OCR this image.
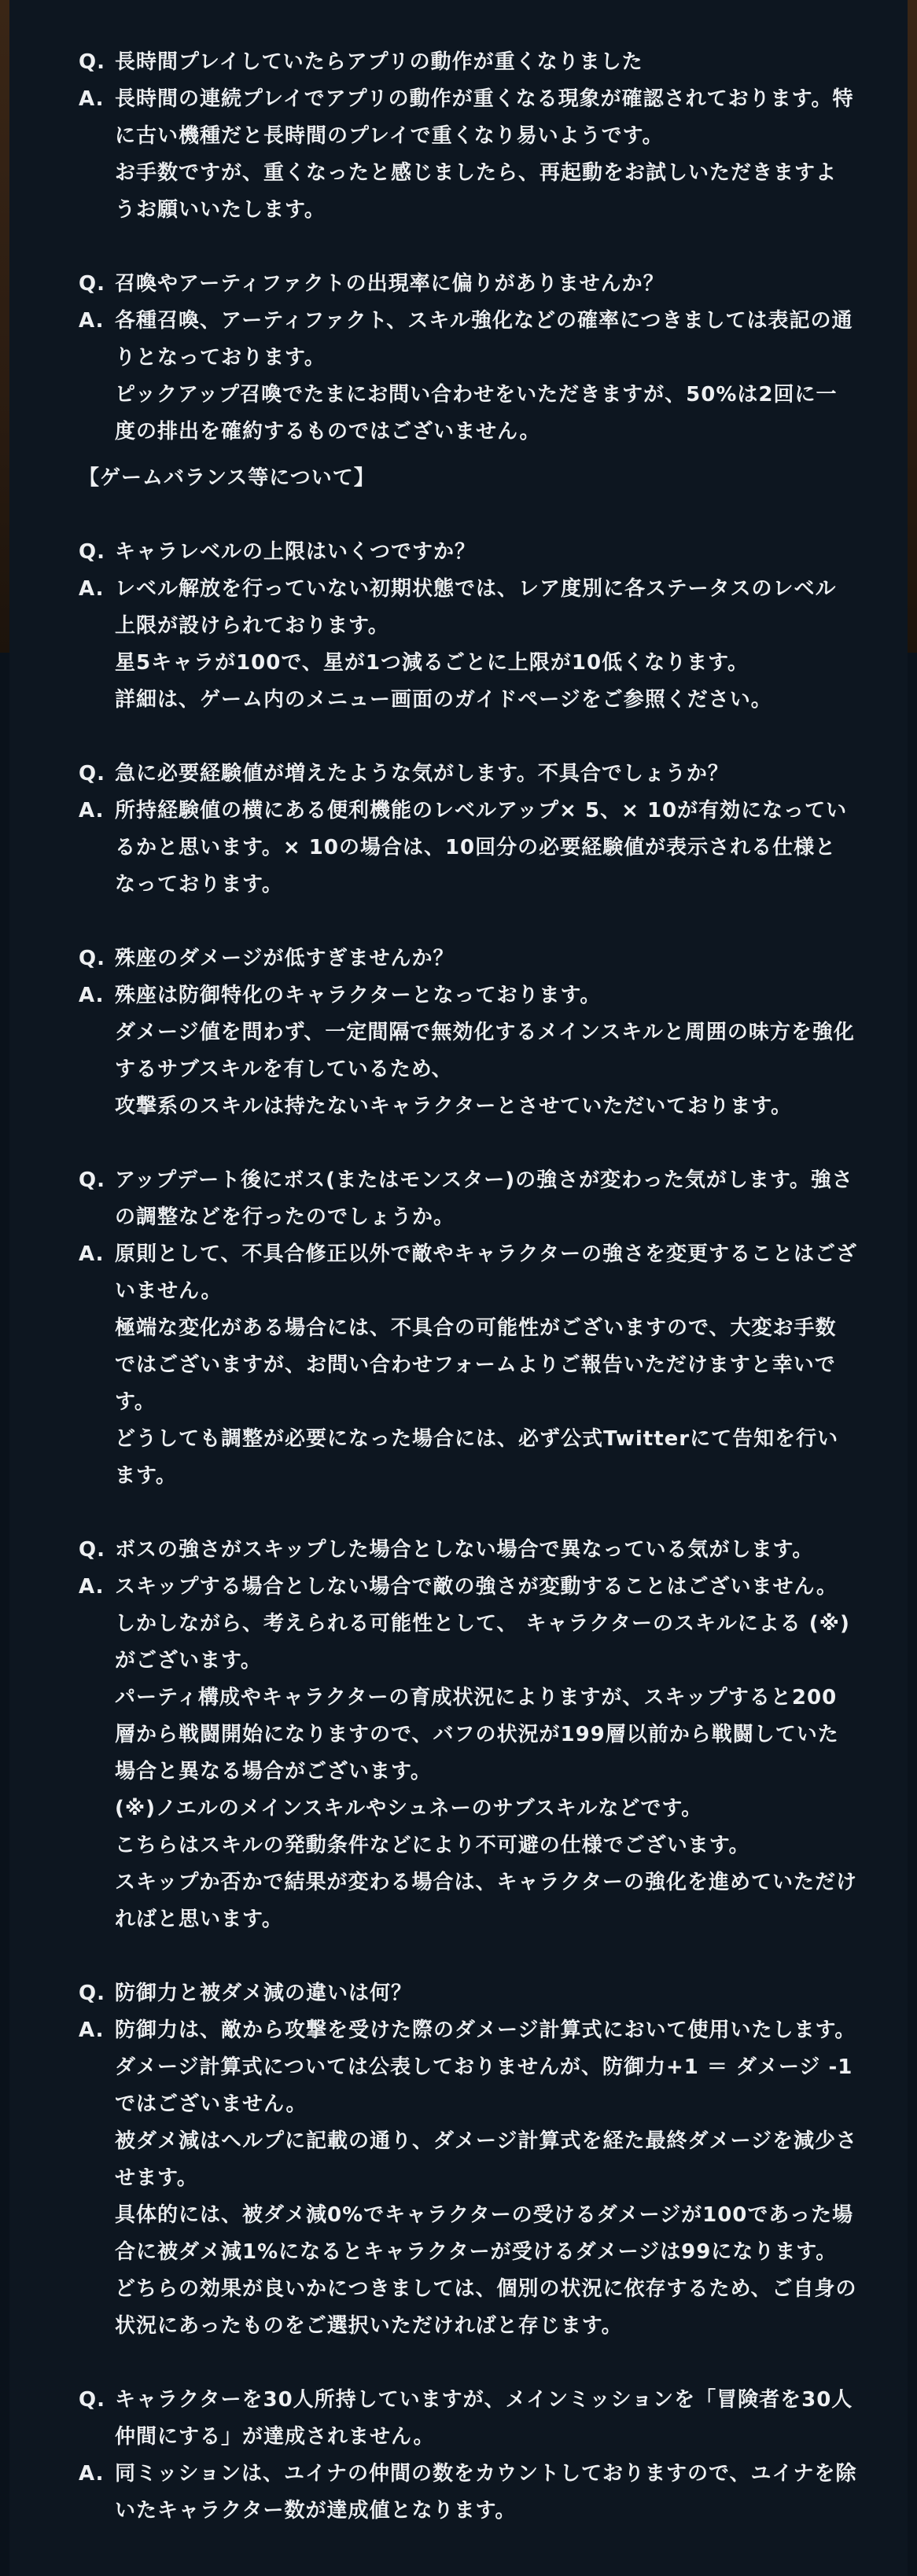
Q. 長時間プレイしていたらアプリの動作が重くなりました
A. 長時間の連続プレイでアプリの動作が重くなる現象が確認されております。特に古い機種だと長時間のプレイで重くなり易いようです。

お手数ですが、重くなったと感じましたら、再起動をお試しいただきますようお願いいたします。

Q. 召喚やアーティファクトの出現率に偏りがありませんか？
A. 各種召喚、アーティファクト、スキル強化などの確率につきましては表記の通りとなっております。

ピックアップ召喚でたまにお問い合わせをいただきますが、50%は2回に一度の排出を確約するものではございません。

【ゲームバランス等について】
Q. キャラレベルの上限はいくつですか？
A. レベル解放を行っていない初期状態では、レア度別に各ステータスのレベル上限が設けられております。

星5キャラが100で、星が1つ減るごとに上限が10低くなります。

詳細は、ゲーム内のメニュー画面のガイドページをご参照ください。

Q. 急に必要経験値が増えたような気がします。不具合でしょうか？
A. 所持経験値の横にある便利機能のレベルアップ× 5、× 10が有効になっているかと思います。× 10の場合は、10回分の必要経験値が表示される仕様となっております。

Q. 殊座のダメージが低すぎませんか？
A. 殊座は防御特化のキャラクターとなっております。

ダメージ値を問わず、一定間隔で無効化するメインスキルと周囲の味方を強化するサブスキルを有しているため、

攻撃系のスキルは持たないキャラクターとさせていただいております。

Q. アップデート後にボス(またはモンスター)の強さが変わった気がします。強さの調整などを行ったのでしょうか。
A. 原則として、不具合修正以外で敵やキャラクターの強さを変更することはございません。

極端な変化がある場合には、不具合の可能性がございますので、大変お手数ではございますが、お問い合わせフォームよりご報告いただけますと幸いです。

どうしても調整が必要になった場合には、必ず公式Twitterにて告知を行います。

Q. ボスの強さがスキップした場合としない場合で異なっている気がします。
A. スキップする場合としない場合で敵の強さが変動することはございません。しかしながら、考えられる可能性として、 キャラクターのスキルによる (※)がございます。

パーティ構成やキャラクターの育成状況によりますが、スキップすると200層から戦闘開始になりますので、バフの状況が199層以前から戦闘していた場合と異なる場合がございます。

(※)ノエルのメインスキルやシュネーのサブスキルなどです。

こちらはスキルの発動条件などにより不可避の仕様でございます。

スキップか否かで結果が変わる場合は、キャラクターの強化を進めていただければと思います。

Q. 防御力と被ダメ減の違いは何？
A. 防御力は、敵から攻撃を受けた際のダメージ計算式において使用いたします。ダメージ計算式については公表しておりませんが、防御力+1 ＝ ダメージ -1 ではございません。

被ダメ減はヘルプに記載の通り、ダメージ計算式を経た最終ダメージを減少させます。

具体的には、被ダメ減0%でキャラクターの受けるダメージが100であった場合に被ダメ減1%になるとキャラクターが受けるダメージは99になります。

どちらの効果が良いかにつきましては、個別の状況に依存するため、ご自身の状況にあったものをご選択いただければと存じます。

Q. キャラクターを30人所持していますが、メインミッションを「冒険者を30人仲間にする」が達成されません。
A. 同ミッションは、ユイナの仲間の数をカウントしておりますので、ユイナを除いたキャラクター数が達成値となります。
